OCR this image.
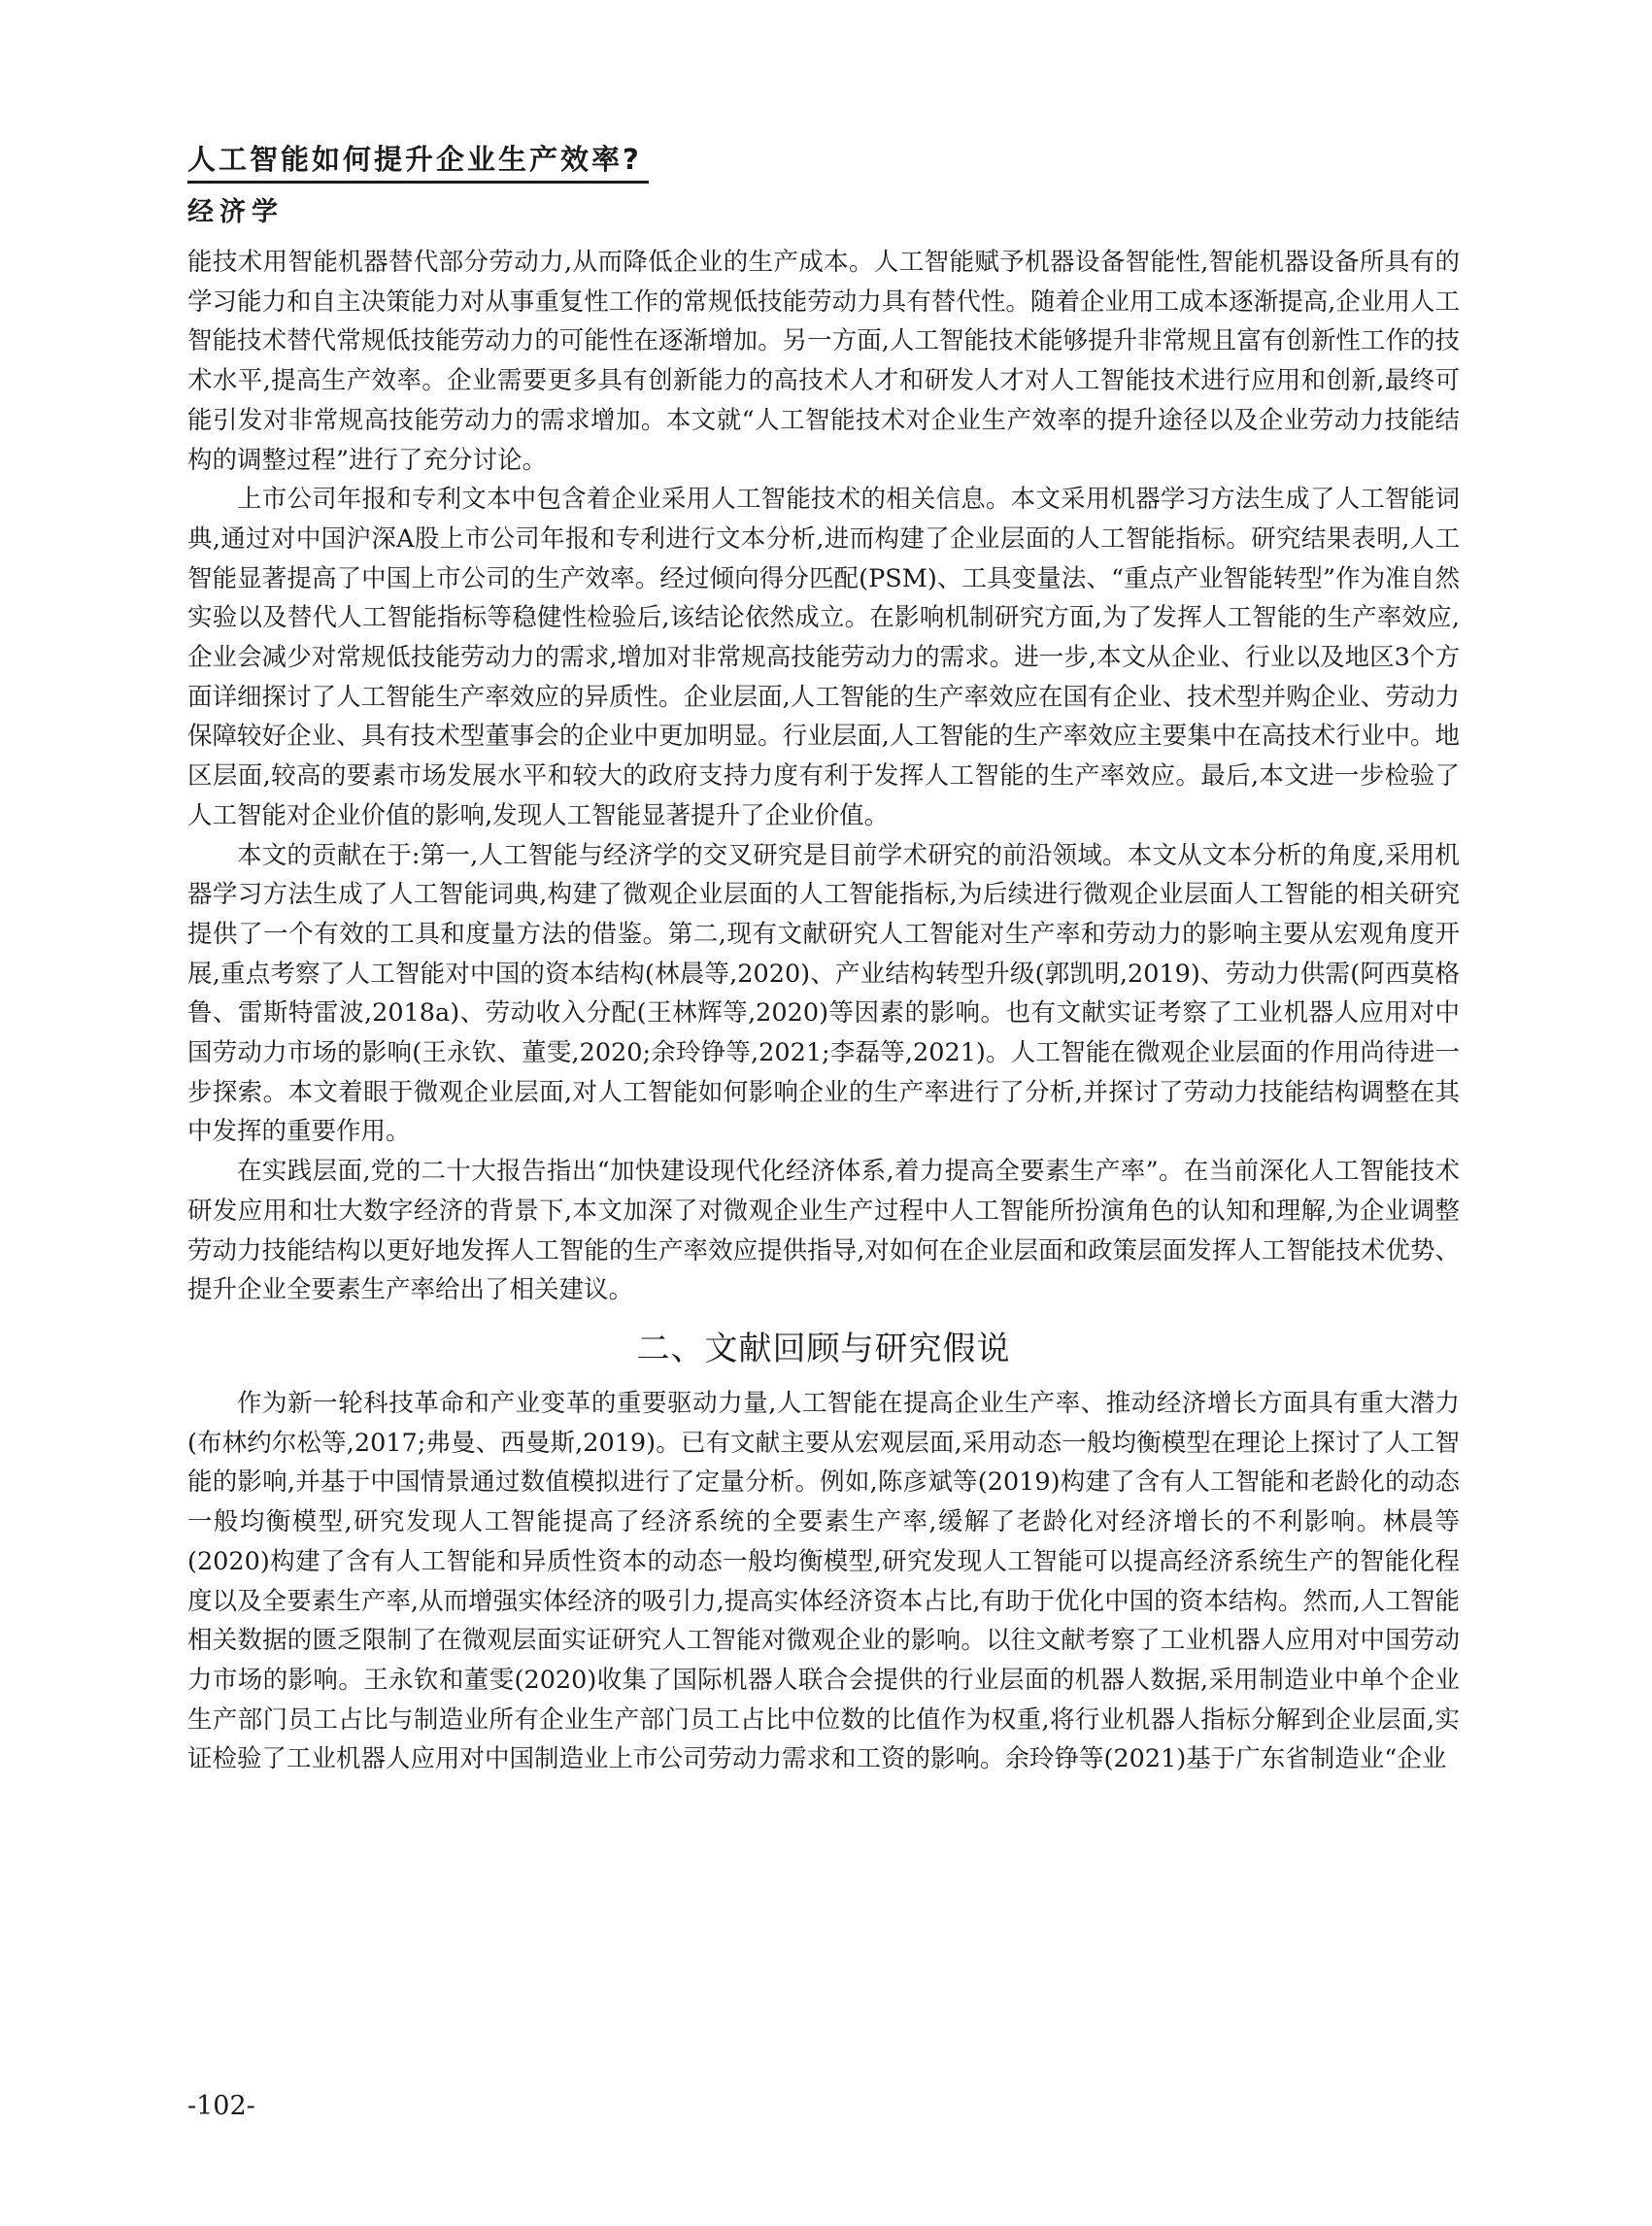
人工智能如何提升企业生产效率?
经济学

能技术用智能机器替代部分劳动力,从而降低企业的生产成本。人工智能赋予机器设备智能性,智能机器设备所具有的学习能力和自主决策能力对从事重复性工作的常规低技能劳动力具有替代性。随着企业用工成本逐渐提高,企业用人工智能技术替代常规低技能劳动力的可能性在逐渐增加。另一方面,人工智能技术能够提升非常规且富有创新性工作的技术水平,提高生产效率。企业需要更多具有创新能力的高技术人才和研发人才对人工智能技术进行应用和创新,最终可能引发对非常规高技能劳动力的需求增加。本文就“人工智能技术对企业生产效率的提升途径以及企业劳动力技能结构的调整过程”进行了充分讨论。

上市公司年报和专利文本中包含着企业采用人工智能技术的相关信息。本文采用机器学习方法生成了人工智能词典,通过对中国沪深A股上市公司年报和专利进行文本分析,进而构建了企业层面的人工智能指标。研究结果表明,人工智能显著提高了中国上市公司的生产效率。经过倾向得分匹配(PSM)、工具变量法、“重点产业智能转型”作为准自然实验以及替代人工智能指标等稳健性检验后,该结论依然成立。在影响机制研究方面,为了发挥人工智能的生产率效应,企业会减少对常规低技能劳动力的需求,增加对非常规高技能劳动力的需求。进一步,本文从企业、行业以及地区3个方面详细探讨了人工智能生产率效应的异质性。企业层面,人工智能的生产率效应在国有企业、技术型并购企业、劳动力保障较好企业、具有技术型董事会的企业中更加明显。行业层面,人工智能的生产率效应主要集中在高技术行业中。地区层面,较高的要素市场发展水平和较大的政府支持力度有利于发挥人工智能的生产率效应。最后,本文进一步检验了人工智能对企业价值的影响,发现人工智能显著提升了企业价值。

本文的贡献在于:第一,人工智能与经济学的交叉研究是目前学术研究的前沿领域。本文从文本分析的角度,采用机器学习方法生成了人工智能词典,构建了微观企业层面的人工智能指标,为后续进行微观企业层面人工智能的相关研究提供了一个有效的工具和度量方法的借鉴。第二,现有文献研究人工智能对生产率和劳动力的影响主要从宏观角度开展,重点考察了人工智能对中国的资本结构(林晨等,2020)、产业结构转型升级(郭凯明,2019)、劳动力供需(阿西莫格鲁、雷斯特雷波,2018a)、劳动收入分配(王林辉等,2020)等因素的影响。也有文献实证考察了工业机器人应用对中国劳动力市场的影响(王永钦、董雯,2020;余玲铮等,2021;李磊等,2021)。人工智能在微观企业层面的作用尚待进一步探索。本文着眼于微观企业层面,对人工智能如何影响企业的生产率进行了分析,并探讨了劳动力技能结构调整在其中发挥的重要作用。

在实践层面,党的二十大报告指出“加快建设现代化经济体系,着力提高全要素生产率”。在当前深化人工智能技术研发应用和壮大数字经济的背景下,本文加深了对微观企业生产过程中人工智能所扮演角色的认知和理解,为企业调整劳动力技能结构以更好地发挥人工智能的生产率效应提供指导,对如何在企业层面和政策层面发挥人工智能技术优势、提升企业全要素生产率给出了相关建议。

二、文献回顾与研究假说

作为新一轮科技革命和产业变革的重要驱动力量,人工智能在提高企业生产率、推动经济增长方面具有重大潜力(布林约尔松等,2017;弗曼、西曼斯,2019)。已有文献主要从宏观层面,采用动态一般均衡模型在理论上探讨了人工智能的影响,并基于中国情景通过数值模拟进行了定量分析。例如,陈彦斌等(2019)构建了含有人工智能和老龄化的动态一般均衡模型,研究发现人工智能提高了经济系统的全要素生产率,缓解了老龄化对经济增长的不利影响。林晨等(2020)构建了含有人工智能和异质性资本的动态一般均衡模型,研究发现人工智能可以提高经济系统生产的智能化程度以及全要素生产率,从而增强实体经济的吸引力,提高实体经济资本占比,有助于优化中国的资本结构。然而,人工智能相关数据的匮乏限制了在微观层面实证研究人工智能对微观企业的影响。以往文献考察了工业机器人应用对中国劳动力市场的影响。王永钦和董雯(2020)收集了国际机器人联合会提供的行业层面的机器人数据,采用制造业中单个企业生产部门员工占比与制造业所有企业生产部门员工占比中位数的比值作为权重,将行业机器人指标分解到企业层面,实证检验了工业机器人应用对中国制造业上市公司劳动力需求和工资的影响。余玲铮等(2021)基于广东省制造业“企业

-102-
